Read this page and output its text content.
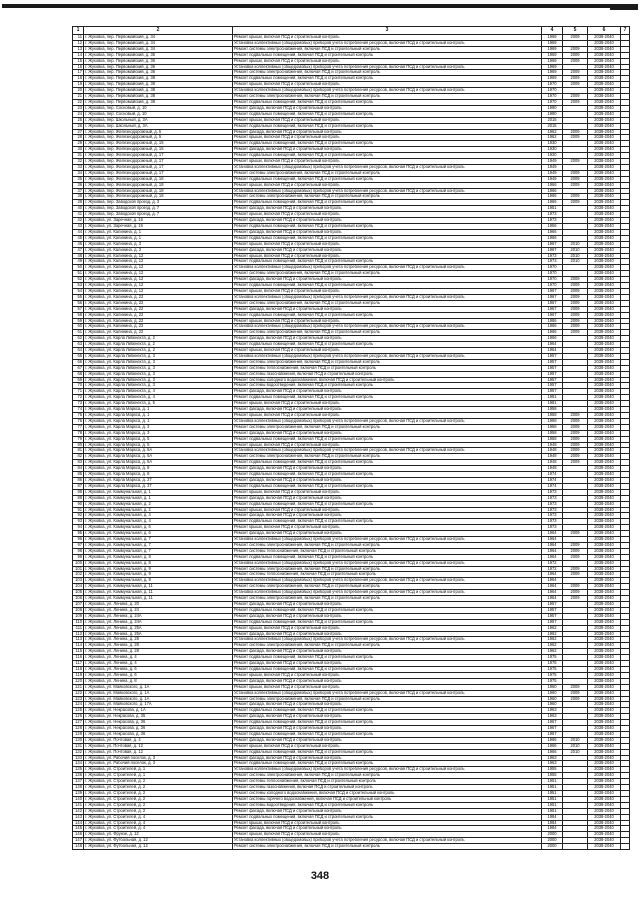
1	2	3	4	5	6	7
11	г. Жуковка, пер. Первомайский, д. 34	Ремонт крыши, включая ПСД и строительный контроль	1969	2009	2038-2040	
12	г. Жуковка, пер. Первомайский, д. 34	Установка коллективных (общедомовых) приборов учета потребления ресурсов, включая ПСД и строительный контроль	1969		2038-2040	
13	г. Жуковка, пер. Первомайский, д. 34	Ремонт системы электроснабжения, включая ПСД и строительный контроль	1969	2009	2038-2040	
14	г. Жуковка, пер. Первомайский, д. 36	Ремонт подвальных помещений, включая ПСД и строительный контроль	1969	2009	2038-2040	
15	г. Жуковка, пер. Первомайский, д. 36	Ремонт крыши, включая ПСД и строительный контроль	1969	2009	2038-2040	
16	г. Жуковка, пер. Первомайский, д. 36	Установка коллективных (общедомовых) приборов учета потребления ресурсов, включая ПСД и строительный контроль	1969		2038-2040	
17	г. Жуковка, пер. Первомайский, д. 36	Ремонт системы электроснабжения, включая ПСД и строительный контроль	1969	2009	2038-2040	
18	г. Жуковка, пер. Первомайский, д. 38	Ремонт подвальных помещений, включая ПСД и строительный контроль	1969	2009	2038-2040	
19	г. Жуковка, пер. Первомайский, д. 38	Ремонт крыши, включая ПСД и строительный контроль	1970	2009	2038-2040	
20	г. Жуковка, пер. Первомайский, д. 38	Установка коллективных (общедомовых) приборов учета потребления ресурсов, включая ПСД и строительный контроль	1970		2038-2040	
21	г. Жуковка, пер. Первомайский, д. 38	Ремонт системы электроснабжения, включая ПСД и строительный контроль	1970	2009	2038-2040	
22	г. Жуковка, пер. Первомайский, д. 38	Ремонт подвальных помещений, включая ПСД и строительный контроль	1970	2009	2038-2040	
23	г. Жуковка, пер. Сосновый, д. 10	Ремонт фасада, включая ПСД и строительный контроль	1990		2038-2040	
24	г. Жуковка, пер. Сосновый, д. 10	Ремонт подвальных помещений, включая ПСД и строительный контроль	1990		2038-2040	
25	г. Жуковка, пер. Школьный, д. 3А	Ремонт крыши, включая ПСД и строительный контроль	2015		2038-2040	
26	г. Жуковка, пер. Школьный, д. 3А	Ремонт подвальных помещений, включая ПСД и строительный контроль	2015		2038-2040	
27	г. Жуковка, пер. Железнодорожный, д. 5	Ремонт фасада, включая ПСД и строительный контроль	1962	2009	2038-2040	
28	г. Жуковка, пер. Железнодорожный, д. 5	Ремонт крыши, включая ПСД и строительный контроль	1962	2009	2038-2040	
29	г. Жуковка, пер. Железнодорожный, д. 15	Ремонт подвальных помещений, включая ПСД и строительный контроль	1930		2038-2040	
30	г. Жуковка, пер. Железнодорожный, д. 15	Ремонт фасада, включая ПСД и строительный контроль	1930		2038-2040	
31	г. Жуковка, пер. Железнодорожный, д. 17	Ремонт подвальных помещений, включая ПСД и строительный контроль	1930		2038-2040	
32	г. Жуковка, пер. Железнодорожный, д. 17	Ремонт крыши, включая ПСД и строительный контроль	1949	2009	2038-2040	
33	г. Жуковка, пер. Железнодорожный, д. 17	Установка коллективных (общедомовых) приборов учета потребления ресурсов, включая ПСД и строительный контроль	1949		2038-2040	
34	г. Жуковка, пер. Железнодорожный, д. 17	Ремонт системы электроснабжения, включая ПСД и строительный контроль	1949	2009	2038-2040	
35	г. Жуковка, пер. Железнодорожный, д. 18	Ремонт подвальных помещений, включая ПСД и строительный контроль	1949	2009	2038-2040	
36	г. Жуковка, пер. Железнодорожный, д. 18	Ремонт крыши, включая ПСД и строительный контроль	1966	2009	2038-2040	
37	г. Жуковка, пер. Железнодорожный, д. 18	Установка коллективных (общедомовых) приборов учета потребления ресурсов, включая ПСД и строительный контроль	1966		2038-2040	
38	г. Жуковка, пер. Железнодорожный, д. 18	Ремонт системы электроснабжения, включая ПСД и строительный контроль	1966	2009	2038-2040	
39	г. Жуковка, пер. Заводской проезд, д. 3	Ремонт подвальных помещений, включая ПСД и строительный контроль	1966	2009	2038-2040	
40	г. Жуковка, пер. Заводской проезд, д. 7	Ремонт фасада, включая ПСД и строительный контроль	1951		2038-2040	
41	г. Жуковка, пер. Заводской проезд, д. 7	Ремонт крыши, включая ПСД и строительный контроль	1973		2038-2040	
42	г. Жуковка, ул. Заречная, д. 16	Ремонт фасада, включая ПСД и строительный контроль	1973		2038-2040	
43	г. Жуковка, ул. Заречная, д. 16	Ремонт подвальных помещений, включая ПСД и строительный контроль	1956		2038-2040	
44	г. Жуковка, ул. Калинина, д. 1	Ремонт фасада, включая ПСД и строительный контроль	1966		2038-2040	
45	г. Жуковка, ул. Калинина, д. 1	Ремонт подвальных помещений, включая ПСД и строительный контроль	1966		2038-2040	
46	г. Жуковка, ул. Калинина, д. 3	Ремонт крыши, включая ПСД и строительный контроль	1967	2010	2038-2040	
47	г. Жуковка, ул. Калинина, д. 3	Ремонт фасада, включая ПСД и строительный контроль	1967	2010	2038-2040	
48	г. Жуковка, ул. Калинина, д. 12	Ремонт крыши, включая ПСД и строительный контроль	1973	2010	2038-2040	
49	г. Жуковка, ул. Калинина, д. 12	Ремонт подвальных помещений, включая ПСД и строительный контроль	1973	2010	2038-2040	
50	г. Жуковка, ул. Калинина, д. 12	Установка коллективных (общедомовых) приборов учета потребления ресурсов, включая ПСД и строительный контроль	1970		2038-2040	
51	г. Жуковка, ул. Калинина, д. 12	Ремонт системы электроснабжения, включая ПСД и строительный контроль	1970		2038-2040	
52	г. Жуковка, ул. Калинина, д. 12	Ремонт фасада, включая ПСД и строительный контроль	1970	2009	2038-2040	
53	г. Жуковка, ул. Калинина, д. 12	Ремонт подвальных помещений, включая ПСД и строительный контроль	1970	2009	2038-2040	
54	г. Жуковка, ул. Калинина, д. 12	Ремонт крыши, включая ПСД и строительный контроль	1967	2009	2038-2040	
55	г. Жуковка, ул. Калинина, д. 22	Установка коллективных (общедомовых) приборов учета потребления ресурсов, включая ПСД и строительный контроль	1967	2009	2038-2040	
56	г. Жуковка, ул. Калинина, д. 22	Ремонт системы электроснабжения, включая ПСД и строительный контроль	1967	2009	2038-2040	
57	г. Жуковка, ул. Калинина, д. 22	Ремонт фасада, включая ПСД и строительный контроль	1967	2009	2038-2040	
58	г. Жуковка, ул. Калинина, д. 22	Ремонт подвальных помещений, включая ПСД и строительный контроль	1967	2009	2038-2040	
59	г. Жуковка, ул. Калинина, д. 22	Ремонт крыши, включая ПСД и строительный контроль	1986	2009	2038-2040	
60	г. Жуковка, ул. Калинина, д. 22	Установка коллективных (общедомовых) приборов учета потребления ресурсов, включая ПСД и строительный контроль	1966	2009	2038-2040	
61	г. Жуковка, ул. Калинина, д. 22	Ремонт системы электроснабжения, включая ПСД и строительный контроль	1966	2009	2038-2040	
62	г. Жуковка, ул. Карла Либкнехта, д. 2	Ремонт фасада, включая ПСД и строительный контроль	1966		2038-2040	
63	г. Жуковка, ул. Карла Либкнехта, д. 2	Ремонт подвальных помещений, включая ПСД и строительный контроль	1964		2038-2040	
64	г. Жуковка, ул. Карла Либкнехта, д. 2	Ремонт крыши, включая ПСД и строительный контроль	1964		2038-2040	
65	г. Жуковка, ул. Карла Либкнехта, д. 3	Установка коллективных (общедомовых) приборов учета потребления ресурсов, включая ПСД и строительный контроль	1957		2038-2040	
66	г. Жуковка, ул. Карла Либкнехта, д. 3	Ремонт системы электроснабжения, включая ПСД и строительный контроль	1957		2038-2040	
67	г. Жуковка, ул. Карла Либкнехта, д. 3	Ремонт системы теплоснабжения, включая ПСД и строительный контроль	1957		2038-2040	
68	г. Жуковка, ул. Карла Либкнехта, д. 3	Ремонт системы газоснабжения, включая ПСД и строительный контроль	1957		2038-2040	
69	г. Жуковка, ул. Карла Либкнехта, д. 3	Ремонт системы холодного водоснабжения, включая ПСД и строительный контроль	1957		2038-2040	
70	г. Жуковка, ул. Карла Либкнехта, д. 3	Ремонт системы водоотведения, включая ПСД и строительный контроль	1957		2038-2040	
71	г. Жуковка, ул. Карла Либкнехта, д. 4	Ремонт фасада, включая ПСД и строительный контроль	1957		2038-2040	
72	г. Жуковка, ул. Карла Либкнехта, д. 4	Ремонт подвальных помещений, включая ПСД и строительный контроль	1981		2038-2040	
73	г. Жуковка, ул. Карла Либкнехта, д. 5	Ремонт крыши, включая ПСД и строительный контроль	1981		2038-2040	
74	г. Жуковка, ул. Карла Маркса, д. 1	Ремонт фасада, включая ПСД и строительный контроль	1958		2038-2040	
75	г. Жуковка, ул. Карла Маркса, д. 1	Ремонт крыши, включая ПСД и строительный контроль	1958	2009	2038-2040	
76	г. Жуковка, ул. Карла Маркса, д. 1	Установка коллективных (общедомовых) приборов учета потребления ресурсов, включая ПСД и строительный контроль	1958	2009	2038-2040	
77	г. Жуковка, ул. Карла Маркса, д. 3	Ремонт системы электроснабжения, включая ПСД и строительный контроль	1958	2009	2038-2040	
78	г. Жуковка, ул. Карла Маркса, д. 3	Ремонт фасада, включая ПСД и строительный контроль	1958	2009	2038-2040	
79	г. Жуковка, ул. Карла Маркса, д. 5	Ремонт подвальных помещений, включая ПСД и строительный контроль	1958	2009	2038-2040	
80	г. Жуковка, ул. Карла Маркса, д. 5	Ремонт крыши, включая ПСД и строительный контроль	1948	2009	2038-2040	
81	г. Жуковка, ул. Карла Маркса, д. 5А	Установка коллективных (общедомовых) приборов учета потребления ресурсов, включая ПСД и строительный контроль	1948	2009	2038-2040	
82	г. Жуковка, ул. Карла Маркса, д. 5А	Ремонт системы электроснабжения, включая ПСД и строительный контроль	1948	2009	2038-2040	
83	г. Жуковка, ул. Карла Маркса, д. 5А	Ремонт подвальных помещений, включая ПСД и строительный контроль	1948	2009	2038-2040	
84	г. Жуковка, ул. Карла Маркса, д. 8	Ремонт фасада, включая ПСД и строительный контроль	1948		2038-2040	
85	г. Жуковка, ул. Карла Маркса, д. 8	Ремонт подвальных помещений, включая ПСД и строительный контроль	1974		2038-2040	
86	г. Жуковка, ул. Карла Маркса, д. 27	Ремонт фасада, включая ПСД и строительный контроль	1974		2038-2040	
87	г. Жуковка, ул. Карла Маркса, д. 27	Ремонт подвальных помещений, включая ПСД и строительный контроль	1974		2038-2040	
88	г. Жуковка, ул. Коммунальная, д. 1	Ремонт крыши, включая ПСД и строительный контроль	1973		2038-2040	
89	г. Жуковка, ул. Коммунальная, д. 1	Ремонт фасада, включая ПСД и строительный контроль	1973		2038-2040	
90	г. Жуковка, ул. Коммунальная, д. 2	Ремонт подвальных помещений, включая ПСД и строительный контроль	1973		2038-2040	
91	г. Жуковка, ул. Коммунальная, д. 2	Ремонт крыши, включая ПСД и строительный контроль	1973		2038-2040	
92	г. Жуковка, ул. Коммунальная, д. 4	Ремонт фасада, включая ПСД и строительный контроль	1973		2038-2040	
93	г. Жуковка, ул. Коммунальная, д. 4	Ремонт подвальных помещений, включая ПСД и строительный контроль	1973		2038-2040	
94	г. Жуковка, ул. Коммунальная, д. 6	Ремонт крыши, включая ПСД и строительный контроль	1973		2038-2040	
95	г. Жуковка, ул. Коммунальная, д. 6	Ремонт фасада, включая ПСД и строительный контроль	1964	2009	2038-2040	
96	г. Жуковка, ул. Коммунальная, д. 7	Установка коллективных (общедомовых) приборов учета потребления ресурсов, включая ПСД и строительный контроль	1964		2038-2040	
97	г. Жуковка, ул. Коммунальная, д. 7	Ремонт системы электроснабжения, включая ПСД и строительный контроль	1964	2009	2038-2040	
98	г. Жуковка, ул. Коммунальная, д. 7	Ремонт системы теплоснабжения, включая ПСД и строительный контроль	1964	2009	2038-2040	
99	г. Жуковка, ул. Коммунальная, д. 8	Ремонт подвальных помещений, включая ПСД и строительный контроль	1964	2009	2038-2040	
100	г. Жуковка, ул. Коммунальная, д. 8	Установка коллективных (общедомовых) приборов учета потребления ресурсов, включая ПСД и строительный контроль	1972		2038-2040	
101	г. Жуковка, ул. Коммунальная, д. 9	Ремонт системы электроснабжения, включая ПСД и строительный контроль	1972	2009	2038-2040	
102	г. Жуковка, ул. Коммунальная, д. 9	Ремонт системы теплоснабжения, включая ПСД и строительный контроль	1964	2009	2038-2040	
103	г. Жуковка, ул. Коммунальная, д. 9	Установка коллективных (общедомовых) приборов учета потребления ресурсов, включая ПСД и строительный контроль	1964		2038-2040	
104	г. Жуковка, ул. Коммунальная, д. 11	Ремонт системы электроснабжения, включая ПСД и строительный контроль	1964	2009	2038-2040	
105	г. Жуковка, ул. Коммунальная, д. 11	Установка коллективных (общедомовых) приборов учета потребления ресурсов, включая ПСД и строительный контроль	1964	2009	2038-2040	
106	г. Жуковка, ул. Коммунальная, д. 11	Ремонт системы электроснабжения, включая ПСД и строительный контроль	1964	2009	2038-2040	
107	г. Жуковка, ул. Ленина, д. 20	Ремонт фасада, включая ПСД и строительный контроль	1957		2038-2040	
108	г. Жуковка, ул. Ленина, д. 24	Ремонт подвальных помещений, включая ПСД и строительный контроль	1957		2038-2040	
109	г. Жуковка, ул. Ленина, д. 24А	Ремонт фасада, включая ПСД и строительный контроль	1957		2038-2040	
110	г. Жуковка, ул. Ленина, д. 24А	Ремонт подвальных помещений, включая ПСД и строительный контроль	1957		2038-2040	
111	г. Жуковка, ул. Ленина, д. 25А	Ремонт крыши, включая ПСД и строительный контроль	1962		2038-2040	
112	г. Жуковка, ул. Ленина, д. 25А	Ремонт фасада, включая ПСД и строительный контроль	1962		2038-2040	
113	г. Жуковка, ул. Ленина, д. 28	Установка коллективных (общедомовых) приборов учета потребления ресурсов, включая ПСД и строительный контроль	1962		2038-2040	
114	г. Жуковка, ул. Ленина, д. 28	Ремонт системы электроснабжения, включая ПСД и строительный контроль	1962		2038-2040	
115	г. Жуковка, ул. Ленина, д. 28	Ремонт фасада, включая ПСД и строительный контроль	1962		2038-2040	
116	г. Жуковка, ул. Ленина, д. 4	Ремонт подвальных помещений, включая ПСД и строительный контроль	1975		2038-2040	
117	г. Жуковка, ул. Ленина, д. 4	Ремонт фасада, включая ПСД и строительный контроль	1975		2038-2040	
118	г. Жуковка, ул. Ленина, д. 6	Ремонт подвальных помещений, включая ПСД и строительный контроль	1975		2038-2040	
119	г. Жуковка, ул. Ленина, д. 6	Ремонт крыши, включая ПСД и строительный контроль	1975		2038-2040	
120	г. Жуковка, ул. Ленина, д. 8	Ремонт фасада, включая ПСД и строительный контроль	1975		2038-2040	
121	г. Жуковка, ул. Маяковского, д. 1А	Ремонт крыши, включая ПСД и строительный контроль	1960	2009	2038-2040	
122	г. Жуковка, ул. Маяковского, д. 1А	Установка коллективных (общедомовых) приборов учета потребления ресурсов, включая ПСД и строительный контроль	1960	2009	2038-2040	
123	г. Жуковка, ул. Маяковского, д. 1А	Ремонт системы электроснабжения, включая ПСД и строительный контроль	1960	2009	2038-2040	
124	г. Жуковка, ул. Маяковского, д. 17А	Ремонт фасада, включая ПСД и строительный контроль	1960		2038-2040	
125	г. Жуковка, ул. Некрасова, д. 1А	Ремонт подвальных помещений, включая ПСД и строительный контроль	1963		2038-2040	
126	г. Жуковка, ул. Некрасова, д. 35	Ремонт фасада, включая ПСД и строительный контроль	1963		2038-2040	
127	г. Жуковка, ул. Некрасова, д. 36	Ремонт подвальных помещений, включая ПСД и строительный контроль	1967		2038-2040	
128	г. Жуковка, ул. Некрасова, д. 36	Ремонт фасада, включая ПСД и строительный контроль	1967		2038-2040	
129	г. Жуковка, ул. Некрасова, д. 36	Ремонт подвальных помещений, включая ПСД и строительный контроль	1967		2038-2040	
130	г. Жуковка, ул. Почтовая, д. 4	Ремонт фасада, включая ПСД и строительный контроль	1966	2010	2038-2040	
131	г. Жуковка, ул. Почтовая, д. 12	Ремонт крыши, включая ПСД и строительный контроль	1966	2010	2038-2040	
132	г. Жуковка, ул. Почтовая, д. 12	Ремонт подвальных помещений, включая ПСД и строительный контроль	1966	2010	2038-2040	
133	г. Жуковка, ул. Рабочий поселок, д. 3	Ремонт фасада, включая ПСД и строительный контроль	1963		2038-2040	
134	г. Жуковка, ул. Рабочий поселок, д. 3	Ремонт подвальных помещений, включая ПСД и строительный контроль	1963		2038-2040	
135	г. Жуковка, ул. Строителей, д. 1	Установка коллективных (общедомовых) приборов учета потребления ресурсов, включая ПСД и строительный контроль	1955		2038-2040	
136	г. Жуковка, ул. Строителей, д. 1	Ремонт системы электроснабжения, включая ПСД и строительный контроль	1955		2038-2040	
137	г. Жуковка, ул. Строителей, д. 2	Ремонт системы теплоснабжения, включая ПСД и строительный контроль	1951		2038-2040	
138	г. Жуковка, ул. Строителей, д. 2	Ремонт системы газоснабжения, включая ПСД и строительный контроль	1951		2038-2040	
139	г. Жуковка, ул. Строителей, д. 2	Ремонт системы холодного водоснабжения, включая ПСД и строительный контроль	1951		2038-2040	
140	г. Жуковка, ул. Строителей, д. 2	Ремонт системы горячего водоснабжения, включая ПСД и строительный контроль	1951		2038-2040	
141	г. Жуковка, ул. Строителей, д. 2	Ремонт системы водоотведения, включая ПСД и строительный контроль	1951		2038-2040	
142	г. Жуковка, ул. Строителей, д. 2	Ремонт фасада, включая ПСД и строительный контроль	1951		2038-2040	
143	г. Жуковка, ул. Строителей, д. 4	Ремонт подвальных помещений, включая ПСД и строительный контроль	1984		2038-2040	
144	г. Жуковка, ул. Строителей, д. 4	Ремонт крыши, включая ПСД и строительный контроль	1984		2038-2040	
145	г. Жуковка, ул. Строителей, д. 4	Ремонт фасада, включая ПСД и строительный контроль	1984		2038-2040	
146	г. Жуковка, ул. Фрунзе, д. 12	Ремонт крыши, включая ПСД и строительный контроль	2000		2038-2040	
147	г. Жуковка, ул. Футбольная, д. 12	Установка коллективных (общедомовых) приборов учета потребления ресурсов, включая ПСД и строительный контроль	2000		2038-2040	
148	г. Жуковка, ул. Футбольная, д. 12	Ремонт системы электроснабжения, включая ПСД и строительный контроль	2000		2038-2040	
348
